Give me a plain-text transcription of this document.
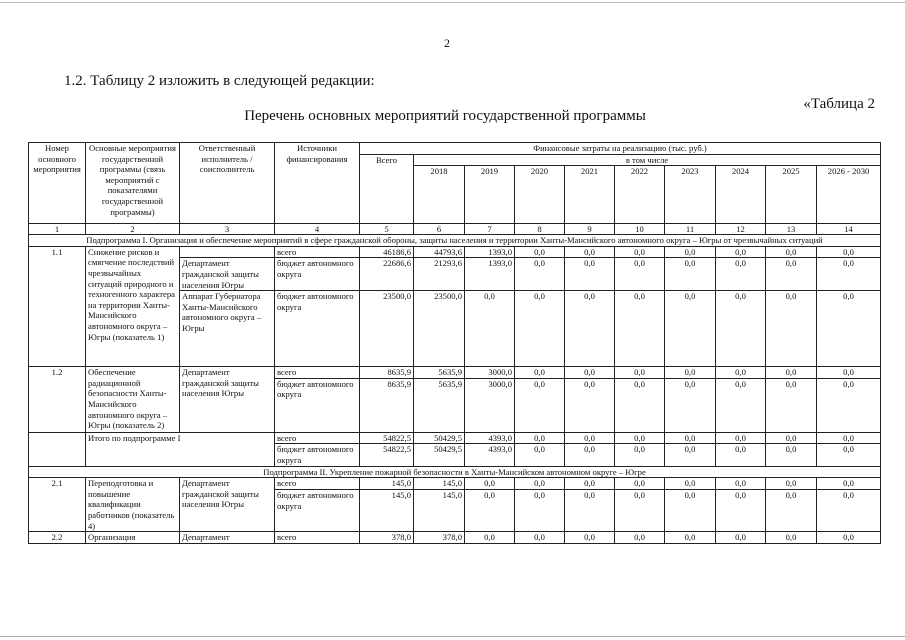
2
1.2. Таблицу 2 изложить в следующей редакции:
«Таблица 2
Перечень основных мероприятий государственной программы
Номер основного мероприятия	Основные мероприятия государственной программы (связь мероприятий с показателями государственной программы)	Ответственный исполнитель / соисполнитель	Источники финансирования	Финансовые затраты на реализацию (тыс. руб.)									
				Всего	в том числе								
					2018	2019	2020	2021	2022	2023	2024	2025	2026 - 2030
1	2	3	4	5	6	7	8	9	10	11	12	13	14
Подпрограмма I. Организация и обеспечение мероприятий в сфере гражданской обороны, защиты населения и территории Ханты-Мансийского автономного округа – Югры от чрезвычайных ситуаций													
1.1	Снижение рисков и смягчение последствий чрезвычайных ситуаций природного и техногенного характера на территории Ханты-Мансийского автономного округа – Югры (показатель 1)		всего	46186,6	44793,6	1393,0	0,0	0,0	0,0	0,0	0,0	0,0	0,0
		Департамент гражданской защиты населения Югры	бюджет автономного округа	22686,6	21293,6	1393,0	0,0	0,0	0,0	0,0	0,0	0,0	0,0
		Аппарат Губернатора Ханты-Мансийского автономного округа – Югры	бюджет автономного округа	23500,0	23500,0	0,0	0,0	0,0	0,0	0,0	0,0	0,0	0,0
1.2	Обеспечение радиационной безопасности Ханты-Мансийского автономного округа – Югры (показатель 2)	Департамент гражданской защиты населения Югры	всего	8635,9	5635,9	3000,0	0,0	0,0	0,0	0,0	0,0	0,0	0,0
			бюджет автономного округа	8635,9	5635,9	3000,0	0,0	0,0	0,0	0,0	0,0	0,0	0,0
	Итого по подпрограмме I		всего	54822,5	50429,5	4393,0	0,0	0,0	0,0	0,0	0,0	0,0	0,0
			бюджет автономного округа	54822,5	50429,5	4393,0	0,0	0,0	0,0	0,0	0,0	0,0	0,0
Подпрограмма II. Укрепление пожарной безопасности в Ханты-Мансийском автономном округе – Югре													
2.1	Переподготовка и повышение квалификации работников (показатель 4)	Департамент гражданской защиты населения Югры	всего	145,0	145,0	0,0	0,0	0,0	0,0	0,0	0,0	0,0	0,0
			бюджет автономного округа	145,0	145,0	0,0	0,0	0,0	0,0	0,0	0,0	0,0	0,0
2.2	Организация	Департамент	всего	378,0	378,0	0,0	0,0	0,0	0,0	0,0	0,0	0,0	0,0
